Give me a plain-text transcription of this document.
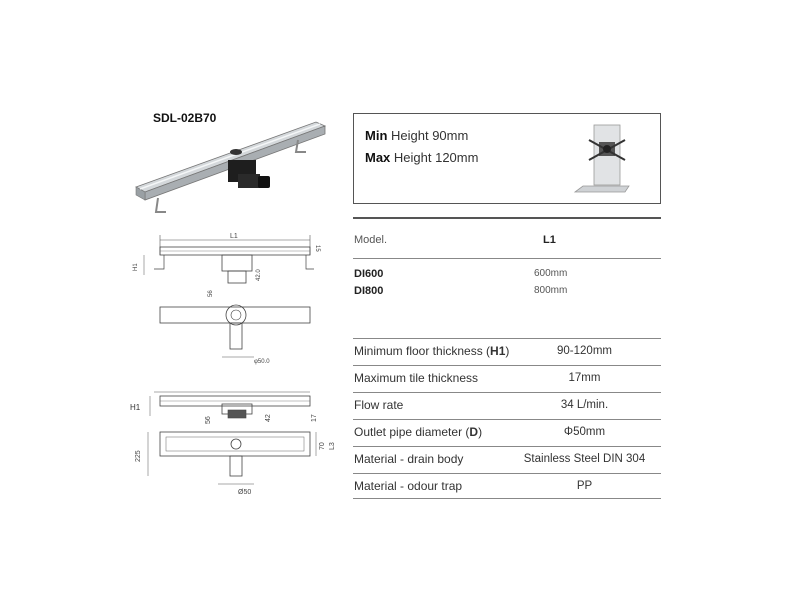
SDL-02B70
Min Height 90mm
Max Height 120mm
Model.	L1
DI600	600mm
DI800	800mm
Minimum floor thickness (H1)	90-120mm
Maximum tile thickness	17mm
Flow rate	34 L/min.
Outlet pipe diameter (D)	Φ50mm
Material - drain body	Stainless Steel DIN 304
Material - odour trap	PP
L1
15
H1
42.0
56
φ50.0
H1
56	42	17
225
70 L3
Ø50
